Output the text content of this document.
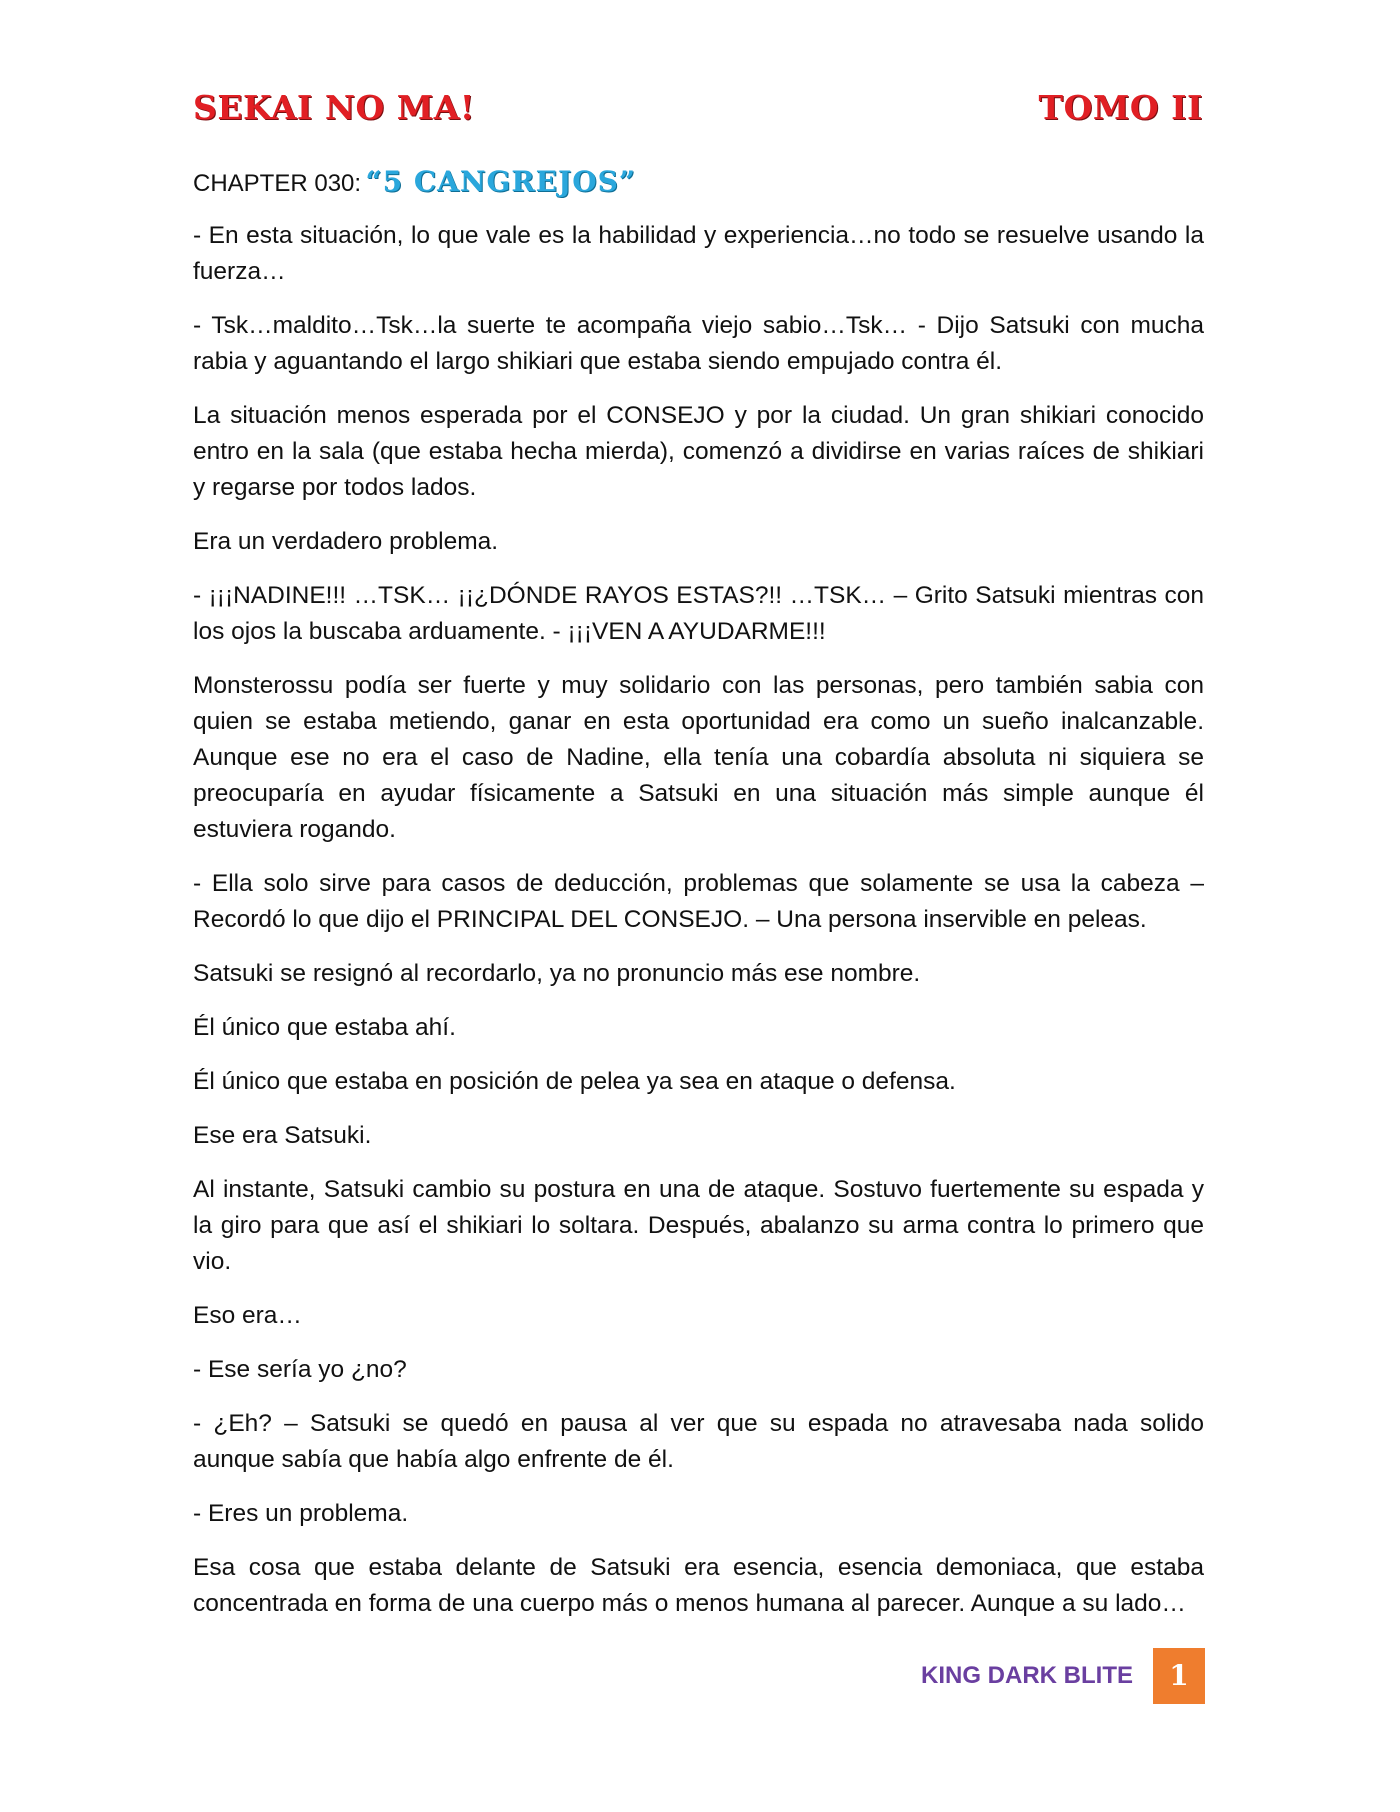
SEKAI NO MA!	TOMO II
CHAPTER 030: “5 CANGREJOS”

- En esta situación, lo que vale es la habilidad y experiencia…no todo se resuelve usando la fuerza…

- Tsk…maldito…Tsk…la suerte te acompaña viejo sabio…Tsk… - Dijo Satsuki con mucha rabia y aguantando el largo shikiari que estaba siendo empujado contra él.

La situación menos esperada por el CONSEJO y por la ciudad. Un gran shikiari conocido entro en la sala (que estaba hecha mierda), comenzó a dividirse en varias raíces de shikiari y regarse por todos lados.

Era un verdadero problema.

- ¡¡¡NADINE!!! …TSK… ¡¡¿DÓNDE RAYOS ESTAS?!! …TSK… – Grito Satsuki mientras con los ojos la buscaba arduamente. - ¡¡¡VEN A AYUDARME!!!

Monsterossu podía ser fuerte y muy solidario con las personas, pero también sabia con quien se estaba metiendo, ganar en esta oportunidad era como un sueño inalcanzable. Aunque ese no era el caso de Nadine, ella tenía una cobardía absoluta ni siquiera se preocuparía en ayudar físicamente a Satsuki en una situación más simple aunque él estuviera rogando.

- Ella solo sirve para casos de deducción, problemas que solamente se usa la cabeza – Recordó lo que dijo el PRINCIPAL DEL CONSEJO. – Una persona inservible en peleas.

Satsuki se resignó al recordarlo, ya no pronuncio más ese nombre.

Él único que estaba ahí.

Él único que estaba en posición de pelea ya sea en ataque o defensa.

Ese era Satsuki.

Al instante, Satsuki cambio su postura en una de ataque. Sostuvo fuertemente su espada y la giro para que así el shikiari lo soltara. Después, abalanzo su arma contra lo primero que vio.

Eso era…

- Ese sería yo ¿no?

- ¿Eh? – Satsuki se quedó en pausa al ver que su espada no atravesaba nada solido aunque sabía que había algo enfrente de él.

- Eres un problema.

Esa cosa que estaba delante de Satsuki era esencia, esencia demoniaca, que estaba concentrada en forma de una cuerpo más o menos humana al parecer. Aunque a su lado…

KING DARK BLITE	1
